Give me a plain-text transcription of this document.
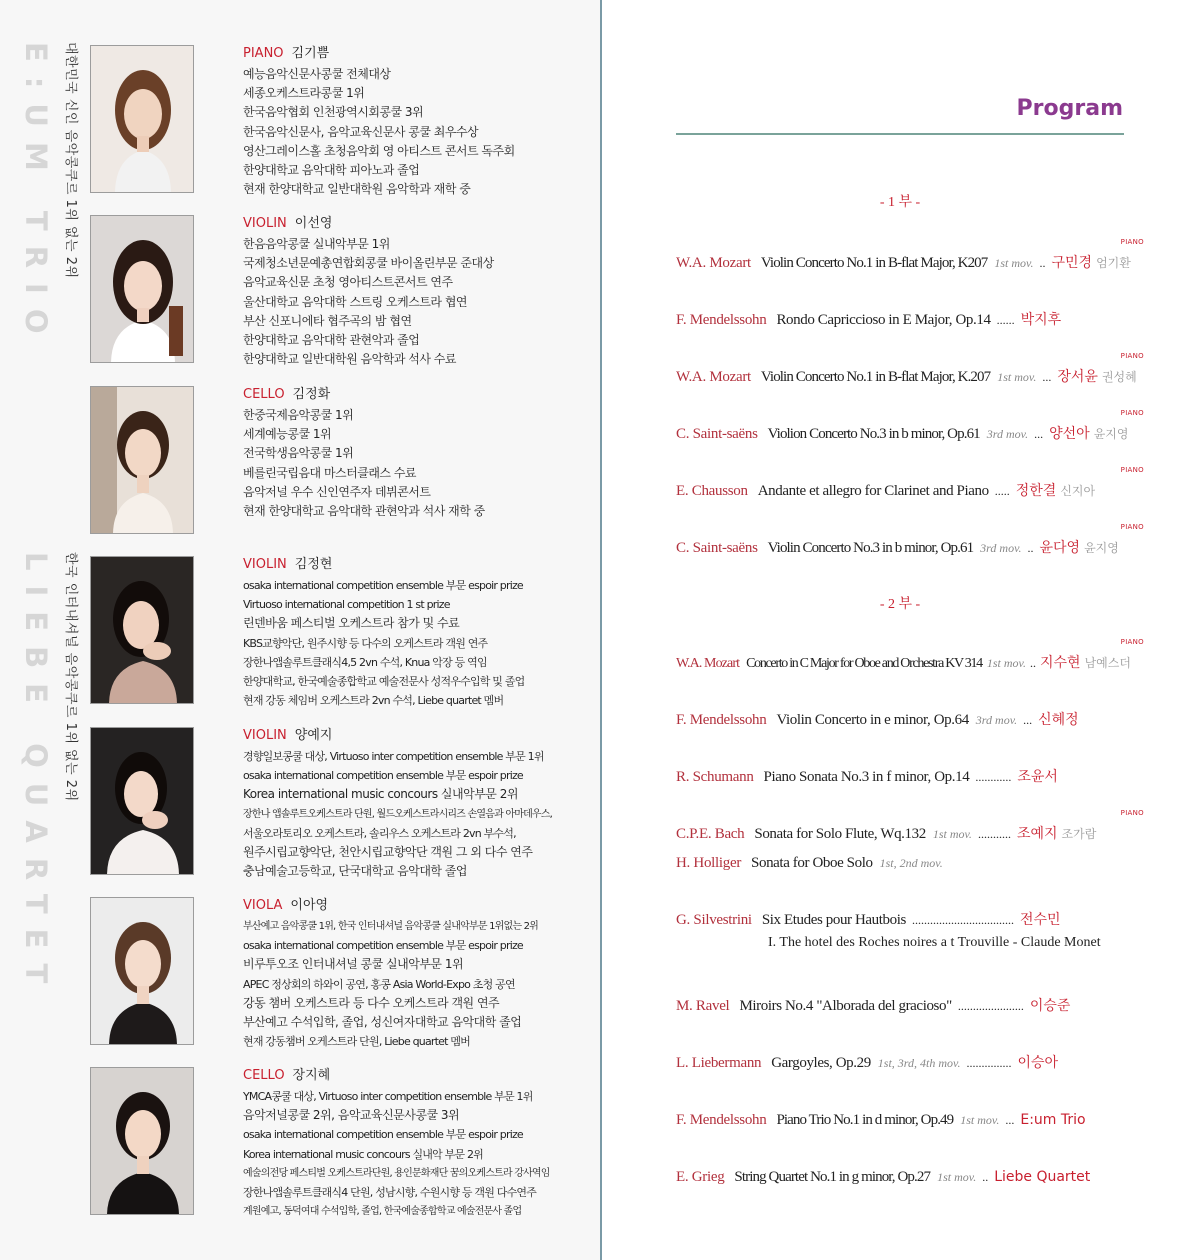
대한민국 신인 음악콩쿠르 1위 없는 2위
E:UM TRIO
한국 인터내셔널 음악콩쿠르 1위 없는 2위
LIEBE QUARTET
PIANO 김기쁨
예능음악신문사콩쿨 전체대상
세종오케스트라콩쿨 1위
한국음악협회 인천광역시회콩쿨 3위
한국음악신문사, 음악교육신문사 콩쿨 최우수상
영산그레이스홀 초청음악회 영 아티스트 콘서트 독주회
한양대학교 음악대학 피아노과 졸업
현재 한양대학교 일반대학원 음악학과 재학 중
VIOLIN 이선영
한음음악콩쿨 실내악부문 1위
국제청소년문예총연합회콩쿨 바이올린부문 준대상
음악교육신문 초청 영아티스트콘서트 연주
울산대학교 음악대학 스트링 오케스트라 협연
부산 신포니에타 협주곡의 밤 협연
한양대학교 음악대학 관현악과 졸업
한양대학교 일반대학원 음악학과 석사 수료
CELLO 김정화
한중국제음악콩쿨 1위
세계예능콩쿨 1위
전국학생음악콩쿨 1위
베를린국립음대 마스터클래스 수료
음악저널 우수 신인연주자 데뷔콘서트
현재 한양대학교 음악대학 관현악과 석사 재학 중
VIOLIN 김정현
osaka international competition ensemble 부문 espoir prize
Virtuoso international competition 1 st prize
린덴바움 페스티벌 오케스트라 참가 및 수료
KBS교향악단, 원주시향 등 다수의 오케스트라 객원 연주
장한나앱솔루트클래식4,5 2vn 수석, Knua 악장 등 역임
한양대학교, 한국예술종합학교 예술전문사 성적우수입학 및 졸업
현재 강동 체임버 오케스트라 2vn 수석, Liebe quartet 멤버
VIOLIN 양예지
경향일보콩쿨 대상, Virtuoso inter competition ensemble 부문 1위
osaka international competition ensemble 부문 espoir prize
Korea international music concours 실내악부문 2위
장한나 앱솔루트오케스트라 단원, 월드오케스트라시리즈 손열음과 아마데우스,
서울오라토리오 오케스트라, 솔리우스 오케스트라 2vn 부수석,
원주시립교향악단, 천안시립교향악단 객원 그 외 다수 연주
충남예술고등학교, 단국대학교 음악대학 졸업
VIOLA 이아영
부산예고 음악콩쿨 1위, 한국 인터내셔널 음악콩쿨 실내악부문 1위없는 2위
osaka international competition ensemble 부문 espoir prize
비루투오조 인터내셔널 콩쿨 실내악부문 1위
APEC 정상회의 하와이 공연, 홍콩 Asia World-Expo 초청 공연
강동 챔버 오케스트라 등 다수 오케스트라 객원 연주
부산예고 수석입학, 졸업, 성신여자대학교 음악대학 졸업
현재 강동챔버 오케스트라 단원, Liebe quartet 멤버
CELLO 장지혜
YMCA콩쿨 대상, Virtuoso inter competition ensemble 부문 1위
음악저널콩쿨 2위, 음악교육신문사콩쿨 3위
osaka international competition ensemble 부문 espoir prize
Korea international music concours 실내악 부문 2위
예술의전당 페스티벌 오케스트라단원, 용인문화재단 꿈의오케스트라 강사역임
장한나앱솔루트클래식4 단원, 성남시향, 수원시향 등 객원 다수연주
계원예고, 동덕여대 수석입학, 졸업, 한국예술종합학교 예술전문사 졸업
Program
- 1 부 -
PIANO
W.A. Mozart Violin Concerto No.1 in B-flat Major, K207 1st mov. .. 구민경 엄기환
F. Mendelssohn Rondo Capriccioso in E Major, Op.14 ...... 박지후
PIANO
W.A. Mozart Violin Concerto No.1 in B-flat Major, K.207 1st mov. ... 장서윤 권성혜
PIANO
C. Saint-saëns Violion Concerto No.3 in b minor, Op.61 3rd mov. ... 양선아 윤지영
PIANO
E. Chausson Andante et allegro for Clarinet and Piano ..... 정한결 신지아
PIANO
C. Saint-saëns Violin Concerto No.3 in b minor, Op.61 3rd mov. .. 윤다영 윤지영
- 2 부 -
PIANO
W.A. Mozart Concerto in C Major for Oboe and Orchestra KV 314 1st mov. .. 지수현 남예스더
F. Mendelssohn Violin Concerto in e minor, Op.64 3rd mov. ... 신혜정
R. Schumann Piano Sonata No.3 in f minor, Op.14 ............ 조윤서
PIANO
C.P.E. Bach Sonata for Solo Flute, Wq.132 1st mov. ........... 조예지 조가람
H. Holliger Sonata for Oboe Solo 1st, 2nd mov.
G. Silvestrini Six Etudes pour Hautbois .................................. 전수민
I. The hotel des Roches noires a t Trouville - Claude Monet
M. Ravel Miroirs No.4 "Alborada del gracioso" ...................... 이승준
L. Liebermann Gargoyles, Op.29 1st, 3rd, 4th mov. ............... 이승아
F. Mendelssohn Piano Trio No.1 in d minor, Op.49 1st mov. ... E:um Trio
E. Grieg String Quartet No.1 in g minor, Op.27 1st mov. .. Liebe Quartet
